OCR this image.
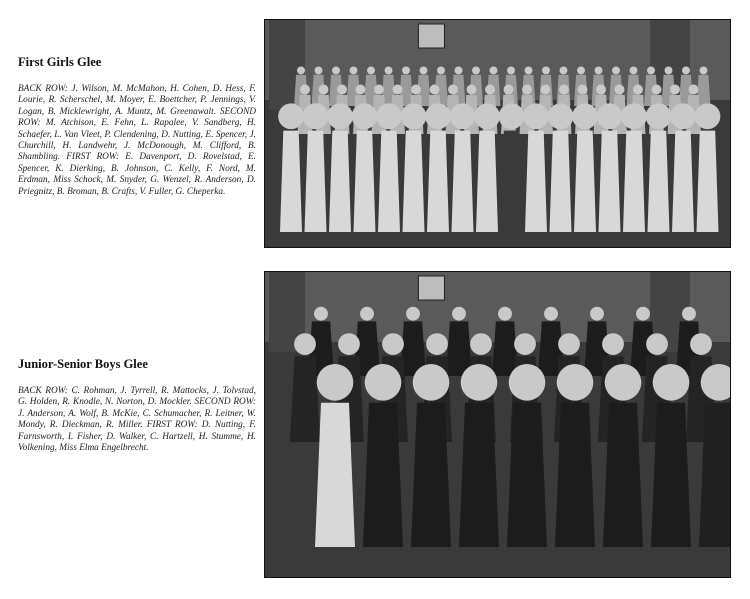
First Girls Glee

BACK ROW: J. Wilson, M. McMahon, H. Cohen, D. Hess, F. Lourie, R. Scherschel, M. Moyer, E. Boettcher, P. Jennings, V. Logan, B. Micklewright, A. Muntz, M. Greenawalt. SECOND ROW: M. Atchison, E. Fehn, L. Rapalee, V. Sandberg, H. Schaefer, L. Van Vleet, P. Clendening, D. Nutting, E. Spencer, J. Churchill, H. Landwehr, J. McDonough, M. Clifford, B. Shambling. FIRST ROW: E. Davenport, D. Rovelstad, E. Spencer, K. Dierking, B. Johnson, C. Kelly, F. Nord, M. Erdman, Miss Schock, M. Snyder, G. Wenzel, R. Anderson, D. Priegnitz, B. Broman, B. Crafts, V. Fuller, G. Cheperka.

Junior-Senior Boys Glee

BACK ROW: C. Rohman, J. Tyrrell, R. Mattocks, J. Tolvstad, G. Holden, R. Knodle, N. Norton, D. Mockler. SECOND ROW: J. Anderson, A. Wolf, B. McKie, C. Schumacher, R. Leitner, W. Mondy, R. Dieckman, R. Miller. FIRST ROW: D. Nutting, F. Farnsworth, I. Fisher, D. Walker, C. Hartzell, H. Stumme, H. Volkening, Miss Elma Engelbrecht.
